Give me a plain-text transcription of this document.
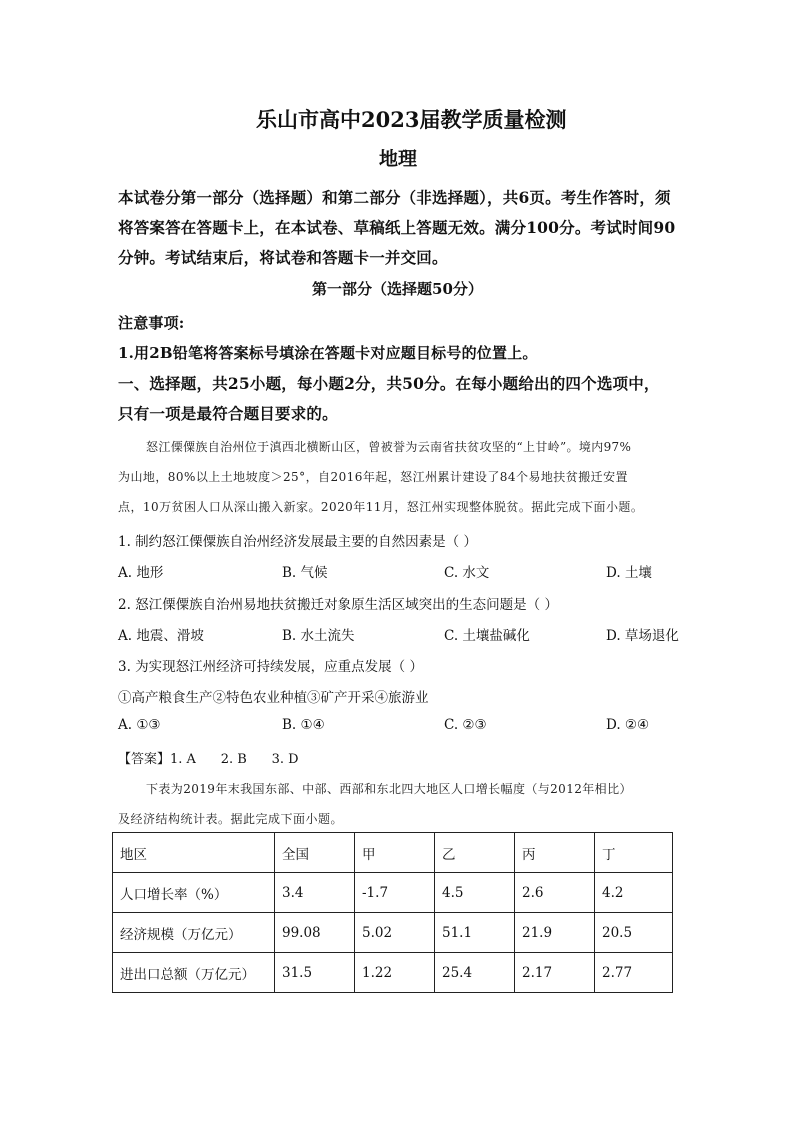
乐山市高中2023届教学质量检测
地理
本试卷分第一部分（选择题）和第二部分（非选择题），共6页。考生作答时，须
将答案答在答题卡上，在本试卷、草稿纸上答题无效。满分100分。考试时间90
分钟。考试结束后，将试卷和答题卡一并交回。
第一部分（选择题50分）
注意事项:
1.用2B铅笔将答案标号填涂在答题卡对应题目标号的位置上。
一、选择题，共25小题，每小题2分，共50分。在每小题给出的四个选项中，
只有一项是最符合题目要求的。
怒江傈僳族自治州位于滇西北横断山区，曾被誉为云南省扶贫攻坚的“上甘岭”。境内97%
为山地，80%以上土地坡度＞25°，自2016年起，怒江州累计建设了84个易地扶贫搬迁安置
点，10万贫困人口从深山搬入新家。2020年11月，怒江州实现整体脱贫。据此完成下面小题。
1. 制约怒江傈僳族自治州经济发展最主要的自然因素是（ ）
A. 地形	B. 气候	C. 水文	D. 土壤
2. 怒江傈僳族自治州易地扶贫搬迁对象原生活区域突出的生态问题是（ ）
A. 地震、滑坡	B. 水土流失	C. 土壤盐碱化	D. 草场退化
3. 为实现怒江州经济可持续发展，应重点发展（ ）
①高产粮食生产②特色农业种植③矿产开采④旅游业
A. ①③	B. ①④	C. ②③	D. ②④
【答案】1. A      2. B      3. D
下表为2019年末我国东部、中部、西部和东北四大地区人口增长幅度（与2012年相比）
及经济结构统计表。据此完成下面小题。
地区	全国	甲	乙	丙	丁
人口增长率（%）	3.4	-1.7	4.5	2.6	4.2
经济规模（万亿元）	99.08	5.02	51.1	21.9	20.5
进出口总额（万亿元）	31.5	1.22	25.4	2.17	2.77
